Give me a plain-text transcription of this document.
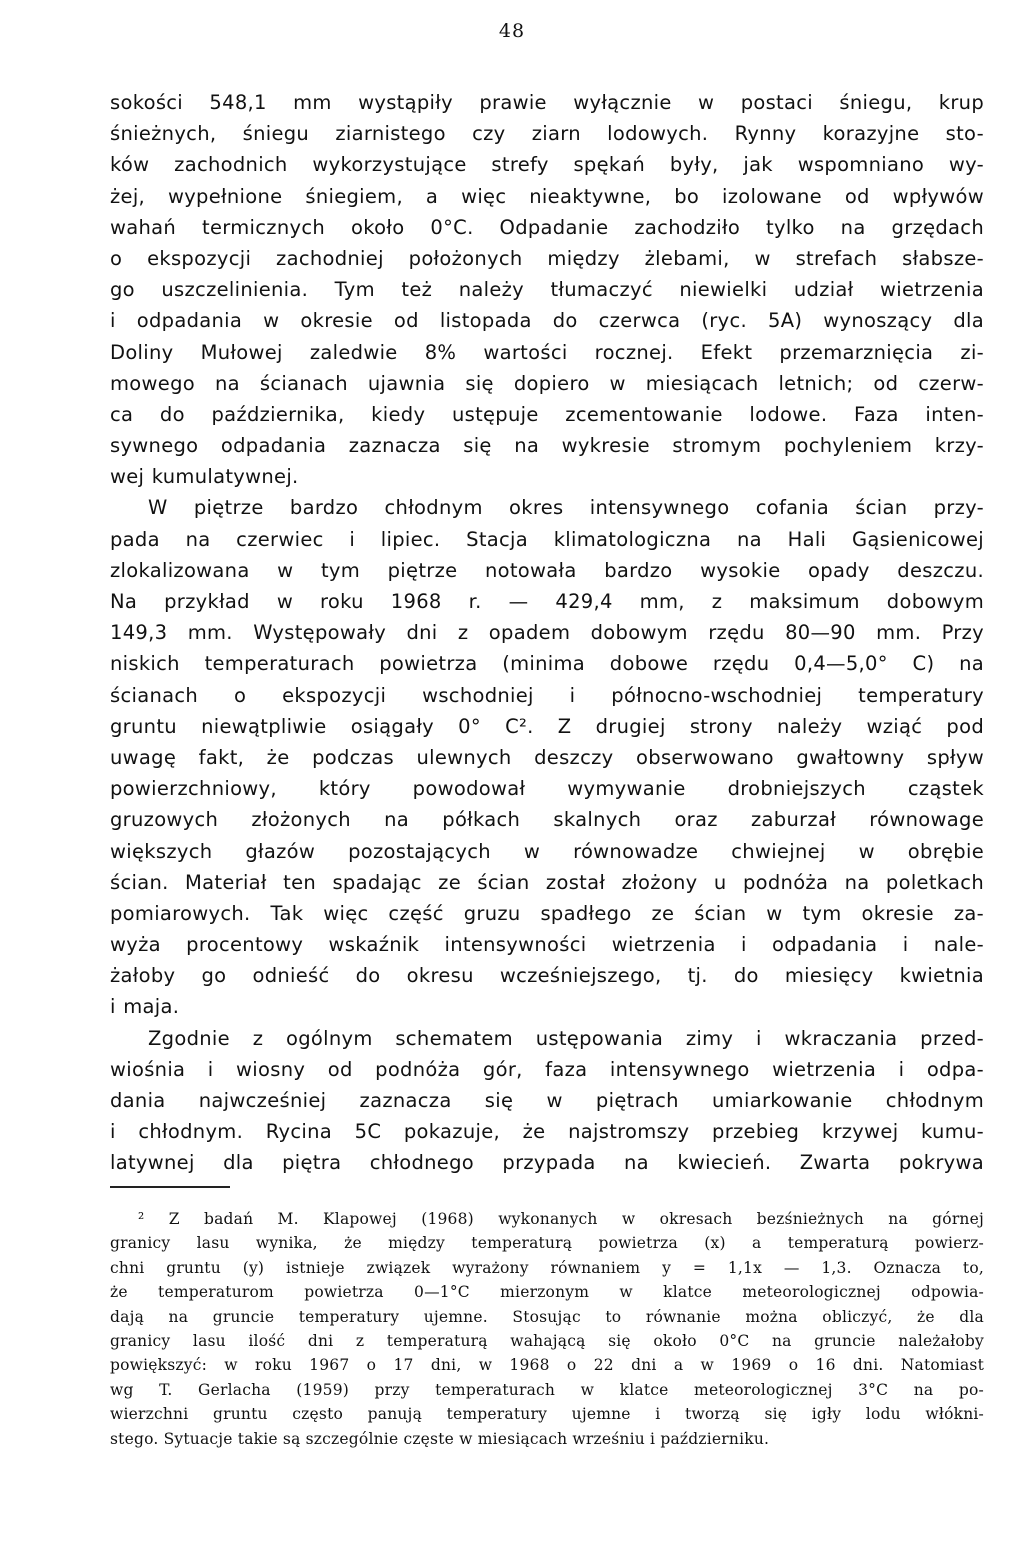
48
sokości 548,1 mm wystąpiły prawie wyłącznie w postaci śniegu, krup
śnieżnych, śniegu ziarnistego czy ziarn lodowych. Rynny korazyjne sto-
ków zachodnich wykorzystujące strefy spękań były, jak wspomniano wy-
żej, wypełnione śniegiem, a więc nieaktywne, bo izolowane od wpływów
wahań termicznych około 0°C. Odpadanie zachodziło tylko na grzędach
o ekspozycji zachodniej położonych między żlebami, w strefach słabsze-
go uszczelinienia. Tym też należy tłumaczyć niewielki udział wietrzenia
i odpadania w okresie od listopada do czerwca (ryc. 5A) wynoszący dla
Doliny Mułowej zaledwie 8% wartości rocznej. Efekt przemarznięcia zi-
mowego na ścianach ujawnia się dopiero w miesiącach letnich; od czerw-
ca do października, kiedy ustępuje zcementowanie lodowe. Faza inten-
sywnego odpadania zaznacza się na wykresie stromym pochyleniem krzy-
wej kumulatywnej.
W piętrze bardzo chłodnym okres intensywnego cofania ścian przy-
pada na czerwiec i lipiec. Stacja klimatologiczna na Hali Gąsienicowej
zlokalizowana w tym piętrze notowała bardzo wysokie opady deszczu.
Na przykład w roku 1968 r. — 429,4 mm, z maksimum dobowym
149,3 mm. Występowały dni z opadem dobowym rzędu 80—90 mm. Przy
niskich temperaturach powietrza (minima dobowe rzędu 0,4—5,0° C) na
ścianach o ekspozycji wschodniej i północno-wschodniej temperatury
gruntu niewątpliwie osiągały 0° C². Z drugiej strony należy wziąć pod
uwagę fakt, że podczas ulewnych deszczy obserwowano gwałtowny spływ
powierzchniowy, który powodował wymywanie drobniejszych cząstek
gruzowych złożonych na półkach skalnych oraz zaburzał równowage
większych głazów pozostających w równowadze chwiejnej w obrębie
ścian. Materiał ten spadając ze ścian został złożony u podnóża na poletkach
pomiarowych. Tak więc część gruzu spadłego ze ścian w tym okresie za-
wyża procentowy wskaźnik intensywności wietrzenia i odpadania i nale-
żałoby go odnieść do okresu wcześniejszego, tj. do miesięcy kwietnia
i maja.
Zgodnie z ogólnym schematem ustępowania zimy i wkraczania przed-
wiośnia i wiosny od podnóża gór, faza intensywnego wietrzenia i odpa-
dania najwcześniej zaznacza się w piętrach umiarkowanie chłodnym
i chłodnym. Rycina 5C pokazuje, że najstromszy przebieg krzywej kumu-
latywnej dla piętra chłodnego przypada na kwiecień. Zwarta pokrywa
² Z badań M. Klapowej (1968) wykonanych w okresach bezśnieżnych na górnej
granicy lasu wynika, że między temperaturą powietrza (x) a temperaturą powierz-
chni gruntu (y) istnieje związek wyrażony równaniem y = 1,1x — 1,3. Oznacza to,
że temperaturom powietrza 0—1°C mierzonym w klatce meteorologicznej odpowia-
dają na gruncie temperatury ujemne. Stosując to równanie można obliczyć, że dla
granicy lasu ilość dni z temperaturą wahającą się około 0°C na gruncie należałoby
powiększyć: w roku 1967 o 17 dni, w 1968 o 22 dni a w 1969 o 16 dni. Natomiast
wg T. Gerlacha (1959) przy temperaturach w klatce meteorologicznej 3°C na po-
wierzchni gruntu często panują temperatury ujemne i tworzą się igły lodu włókni-
stego. Sytuacje takie są szczególnie częste w miesiącach wrześniu i październiku.
